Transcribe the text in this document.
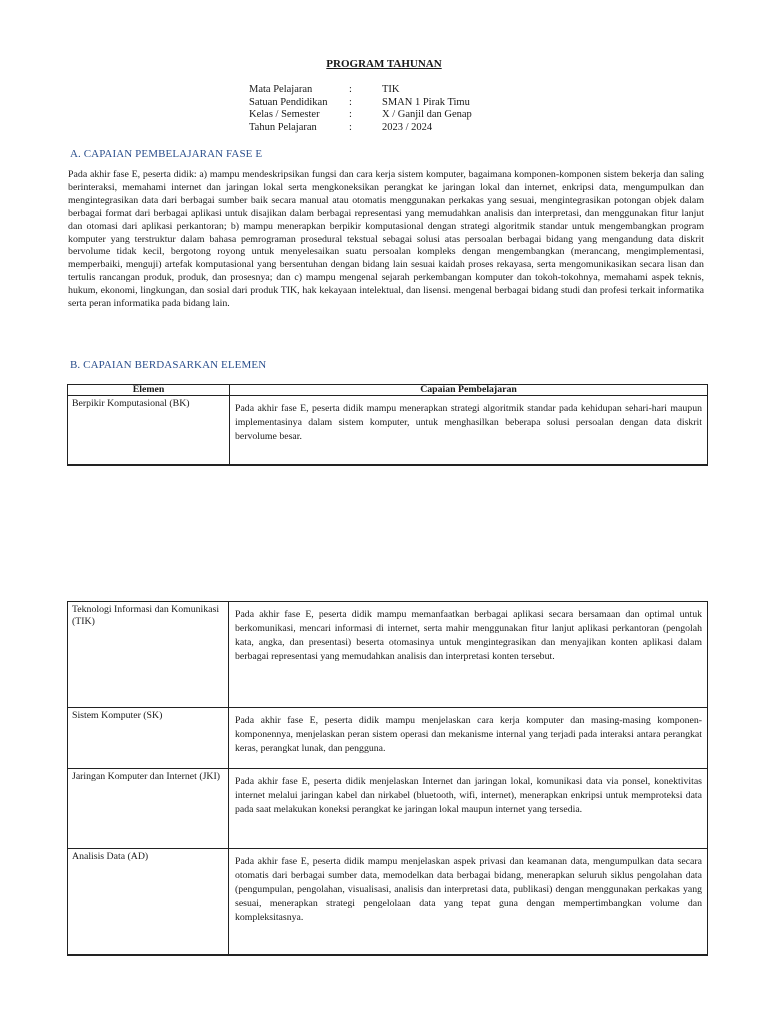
PROGRAM TAHUNAN
Mata Pelajaran	:	TIK
Satuan Pendidikan	:	SMAN 1 Pirak Timu
Kelas / Semester	:	X / Ganjil dan Genap
Tahun Pelajaran	:	2023 / 2024
A. CAPAIAN PEMBELAJARAN FASE E
Pada akhir fase E, peserta didik: a) mampu mendeskripsikan fungsi dan cara kerja sistem komputer, bagaimana komponen-komponen sistem bekerja dan saling berinteraksi, memahami internet dan jaringan lokal serta mengkoneksikan perangkat ke jaringan lokal dan internet, enkripsi data, mengumpulkan dan mengintegrasikan data dari berbagai sumber baik secara manual atau otomatis menggunakan perkakas yang sesuai, mengintegrasikan potongan objek dalam berbagai format dari berbagai aplikasi untuk disajikan dalam berbagai representasi yang memudahkan analisis dan interpretasi, dan menggunakan fitur lanjut dan otomasi dari aplikasi perkantoran; b) mampu menerapkan berpikir komputasional dengan strategi algoritmik standar untuk mengembangkan program komputer yang terstruktur dalam bahasa pemrograman prosedural tekstual sebagai solusi atas persoalan berbagai bidang yang mengandung data diskrit bervolume tidak kecil, bergotong royong untuk menyelesaikan suatu persoalan kompleks dengan mengembangkan (merancang, mengimplementasi, memperbaiki, menguji) artefak komputasional yang bersentuhan dengan bidang lain sesuai kaidah proses rekayasa, serta mengomunikasikan secara lisan dan tertulis rancangan produk, produk, dan prosesnya; dan c) mampu mengenal sejarah perkembangan komputer dan tokoh-tokohnya, memahami aspek teknis, hukum, ekonomi, lingkungan, dan sosial dari produk TIK, hak kekayaan intelektual, dan lisensi. mengenal berbagai bidang studi dan profesi terkait informatika serta peran informatika pada bidang lain.
B. CAPAIAN BERDASARKAN ELEMEN
Elemen	Capaian Pembelajaran
Berpikir Komputasional (BK)	Pada akhir fase E, peserta didik mampu menerapkan strategi algoritmik standar pada kehidupan sehari-hari maupun implementasinya dalam sistem komputer, untuk menghasilkan beberapa solusi persoalan dengan data diskrit bervolume besar.
Teknologi Informasi dan Komunikasi (TIK)	Pada akhir fase E, peserta didik mampu memanfaatkan berbagai aplikasi secara bersamaan dan optimal untuk berkomunikasi, mencari informasi di internet, serta mahir menggunakan fitur lanjut aplikasi perkantoran (pengolah kata, angka, dan presentasi) beserta otomasinya untuk mengintegrasikan dan menyajikan konten aplikasi dalam berbagai representasi yang memudahkan analisis dan interpretasi konten tersebut.
Sistem Komputer (SK)	Pada akhir fase E, peserta didik mampu menjelaskan cara kerja komputer dan masing-masing komponen-komponennya, menjelaskan peran sistem operasi dan mekanisme internal yang terjadi pada interaksi antara perangkat keras, perangkat lunak, dan pengguna.
Jaringan Komputer dan Internet (JKI)	Pada akhir fase E, peserta didik menjelaskan Internet dan jaringan lokal, komunikasi data via ponsel, konektivitas internet melalui jaringan kabel dan nirkabel (bluetooth, wifi, internet), menerapkan enkripsi untuk memproteksi data pada saat melakukan koneksi perangkat ke jaringan lokal maupun internet yang tersedia.
Analisis Data (AD)	Pada akhir fase E, peserta didik mampu menjelaskan aspek privasi dan keamanan data, mengumpulkan data secara otomatis dari berbagai sumber data, memodelkan data berbagai bidang, menerapkan seluruh siklus pengolahan data (pengumpulan, pengolahan, visualisasi, analisis dan interpretasi data, publikasi) dengan menggunakan perkakas yang sesuai, menerapkan strategi pengelolaan data yang tepat guna dengan mempertimbangkan volume dan kompleksitasnya.
